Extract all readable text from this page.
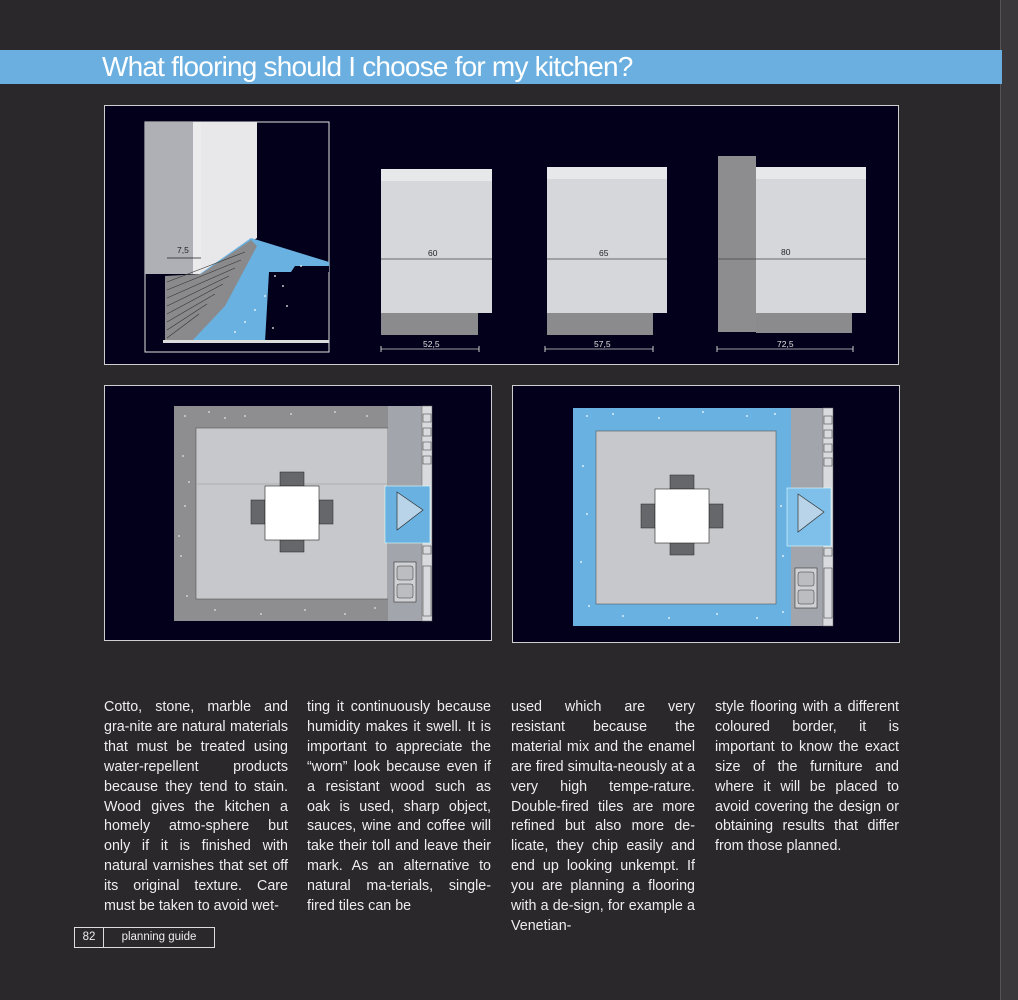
What flooring should I choose for my kitchen?
7,5	60
52,5
65
57,5
80
72,5
Cotto, stone, marble and gra-nite are natural materials that must be treated using water-repellent products because they tend to stain. Wood gives the kitchen a homely atmo-sphere but only if it is finished with natural varnishes that set off its original texture. Care must be taken to avoid wet-
ting it continuously because humidity makes it swell. It is important to appreciate the “worn” look because even if a resistant wood such as oak is used, sharp object, sauces, wine and coffee will take their toll and leave their mark. As an alternative to natural ma-terials, single-fired tiles can be
used which are very resistant because the material mix and the enamel are fired simulta-neously at a very high tempe-rature. Double-fired tiles are more refined but also more de-licate, they chip easily and end up looking unkempt. If you are planning a flooring with a de-sign, for example a Venetian-
style flooring with a different coloured border, it is important to know the exact size of the furniture and where it will be placed to avoid covering the design or obtaining results that differ from those planned.
82	planning guide
